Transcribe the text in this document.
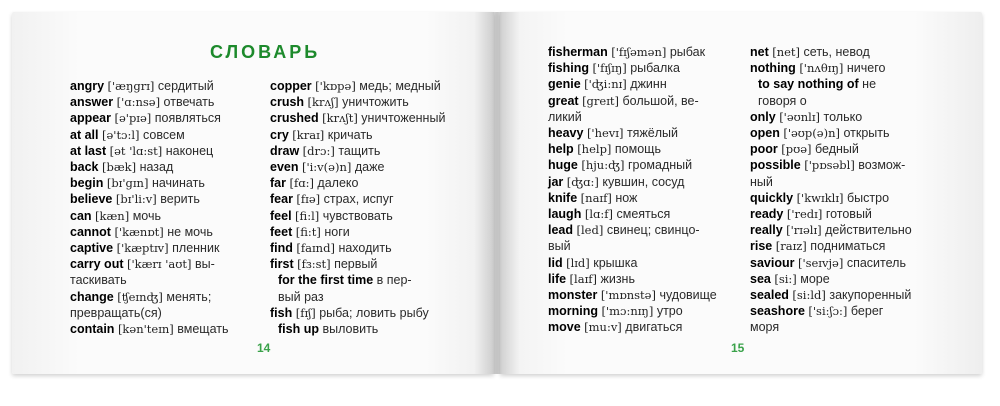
СЛОВАРЬ
angry ['æŋgrɪ] сердитый
answer ['ɑ:nsə] отвечать
appear [ə'pɪə] появляться
at all [ə'tɔ:l] совсем
at last [ət 'lɑ:st] наконец
back [bæk] назад
begin [bɪ'gɪn] начинать
believe [bɪ'li:v] верить
can [kæn] мочь
cannot ['kænɒt] не мочь
captive ['kæptɪv] пленник
carry out ['kærɪ 'aʊt] вы-
таскивать
change [ʧeɪnʤ] менять;
превращать(ся)
contain [kən'teɪn] вмещать
copper ['kɒpə] медь; медный
crush [krʌʃ] уничтожить
crushed [krʌʃt] уничтоженный
cry [kraɪ] кричать
draw [drɔ:] тащить
even ['i:v(ə)n] даже
far [fɑ:] далеко
fear [fɪə] страх, испуг
feel [fi:l] чувствовать
feet [fi:t] ноги
find [faɪnd] находить
first [fɜ:st] первый
for the first time в пер-
вый раз
fish [fɪʃ] рыба; ловить рыбу
fish up выловить
fisherman ['fɪʃəmən] рыбак
fishing ['fɪʃɪŋ] рыбалка
genie ['ʤi:nɪ] джинн
great [greɪt] большой, ве-
ликий
heavy ['hevɪ] тяжёлый
help [help] помощь
huge [hju:ʤ] громадный
jar [ʤɑ:] кувшин, сосуд
knife [naɪf] нож
laugh [lɑ:f] смеяться
lead [led] свинец; свинцо-
вый
lid [lɪd] крышка
life [laɪf] жизнь
monster ['mɒnstə] чудовище
morning ['mɔ:nɪŋ] утро
move [mu:v] двигаться
net [net] сеть, невод
nothing ['nʌθɪŋ] ничего
to say nothing of не
говоря о
only ['əʊnlɪ] только
open ['əʊp(ə)n] открыть
poor [pʊə] бедный
possible ['pɒsəbl] возмож-
ный
quickly ['kwɪklɪ] быстро
ready ['redɪ] готовый
really ['rɪəlɪ] действительно
rise [raɪz] подниматься
saviour ['seɪvjə] спаситель
sea [si:] море
sealed [si:ld] закупоренный
seashore ['si:ʃɔ:] берег
моря
14	15
